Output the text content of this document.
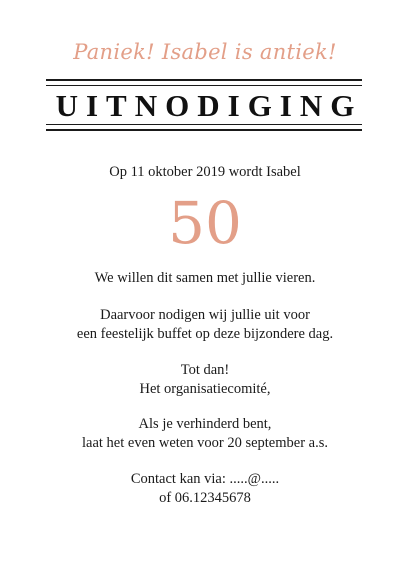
Paniek! Isabel is antiek!
UITNODIGING
Op 11 oktober 2019 wordt Isabel
50
We willen dit samen met jullie vieren.
Daarvoor nodigen wij jullie uit voor
een feestelijk buffet op deze bijzondere dag.
Tot dan!
Het organisatiecomité,
Als je verhinderd bent,
laat het even weten voor 20 september a.s.
Contact kan via: .....@.....
of 06.12345678
